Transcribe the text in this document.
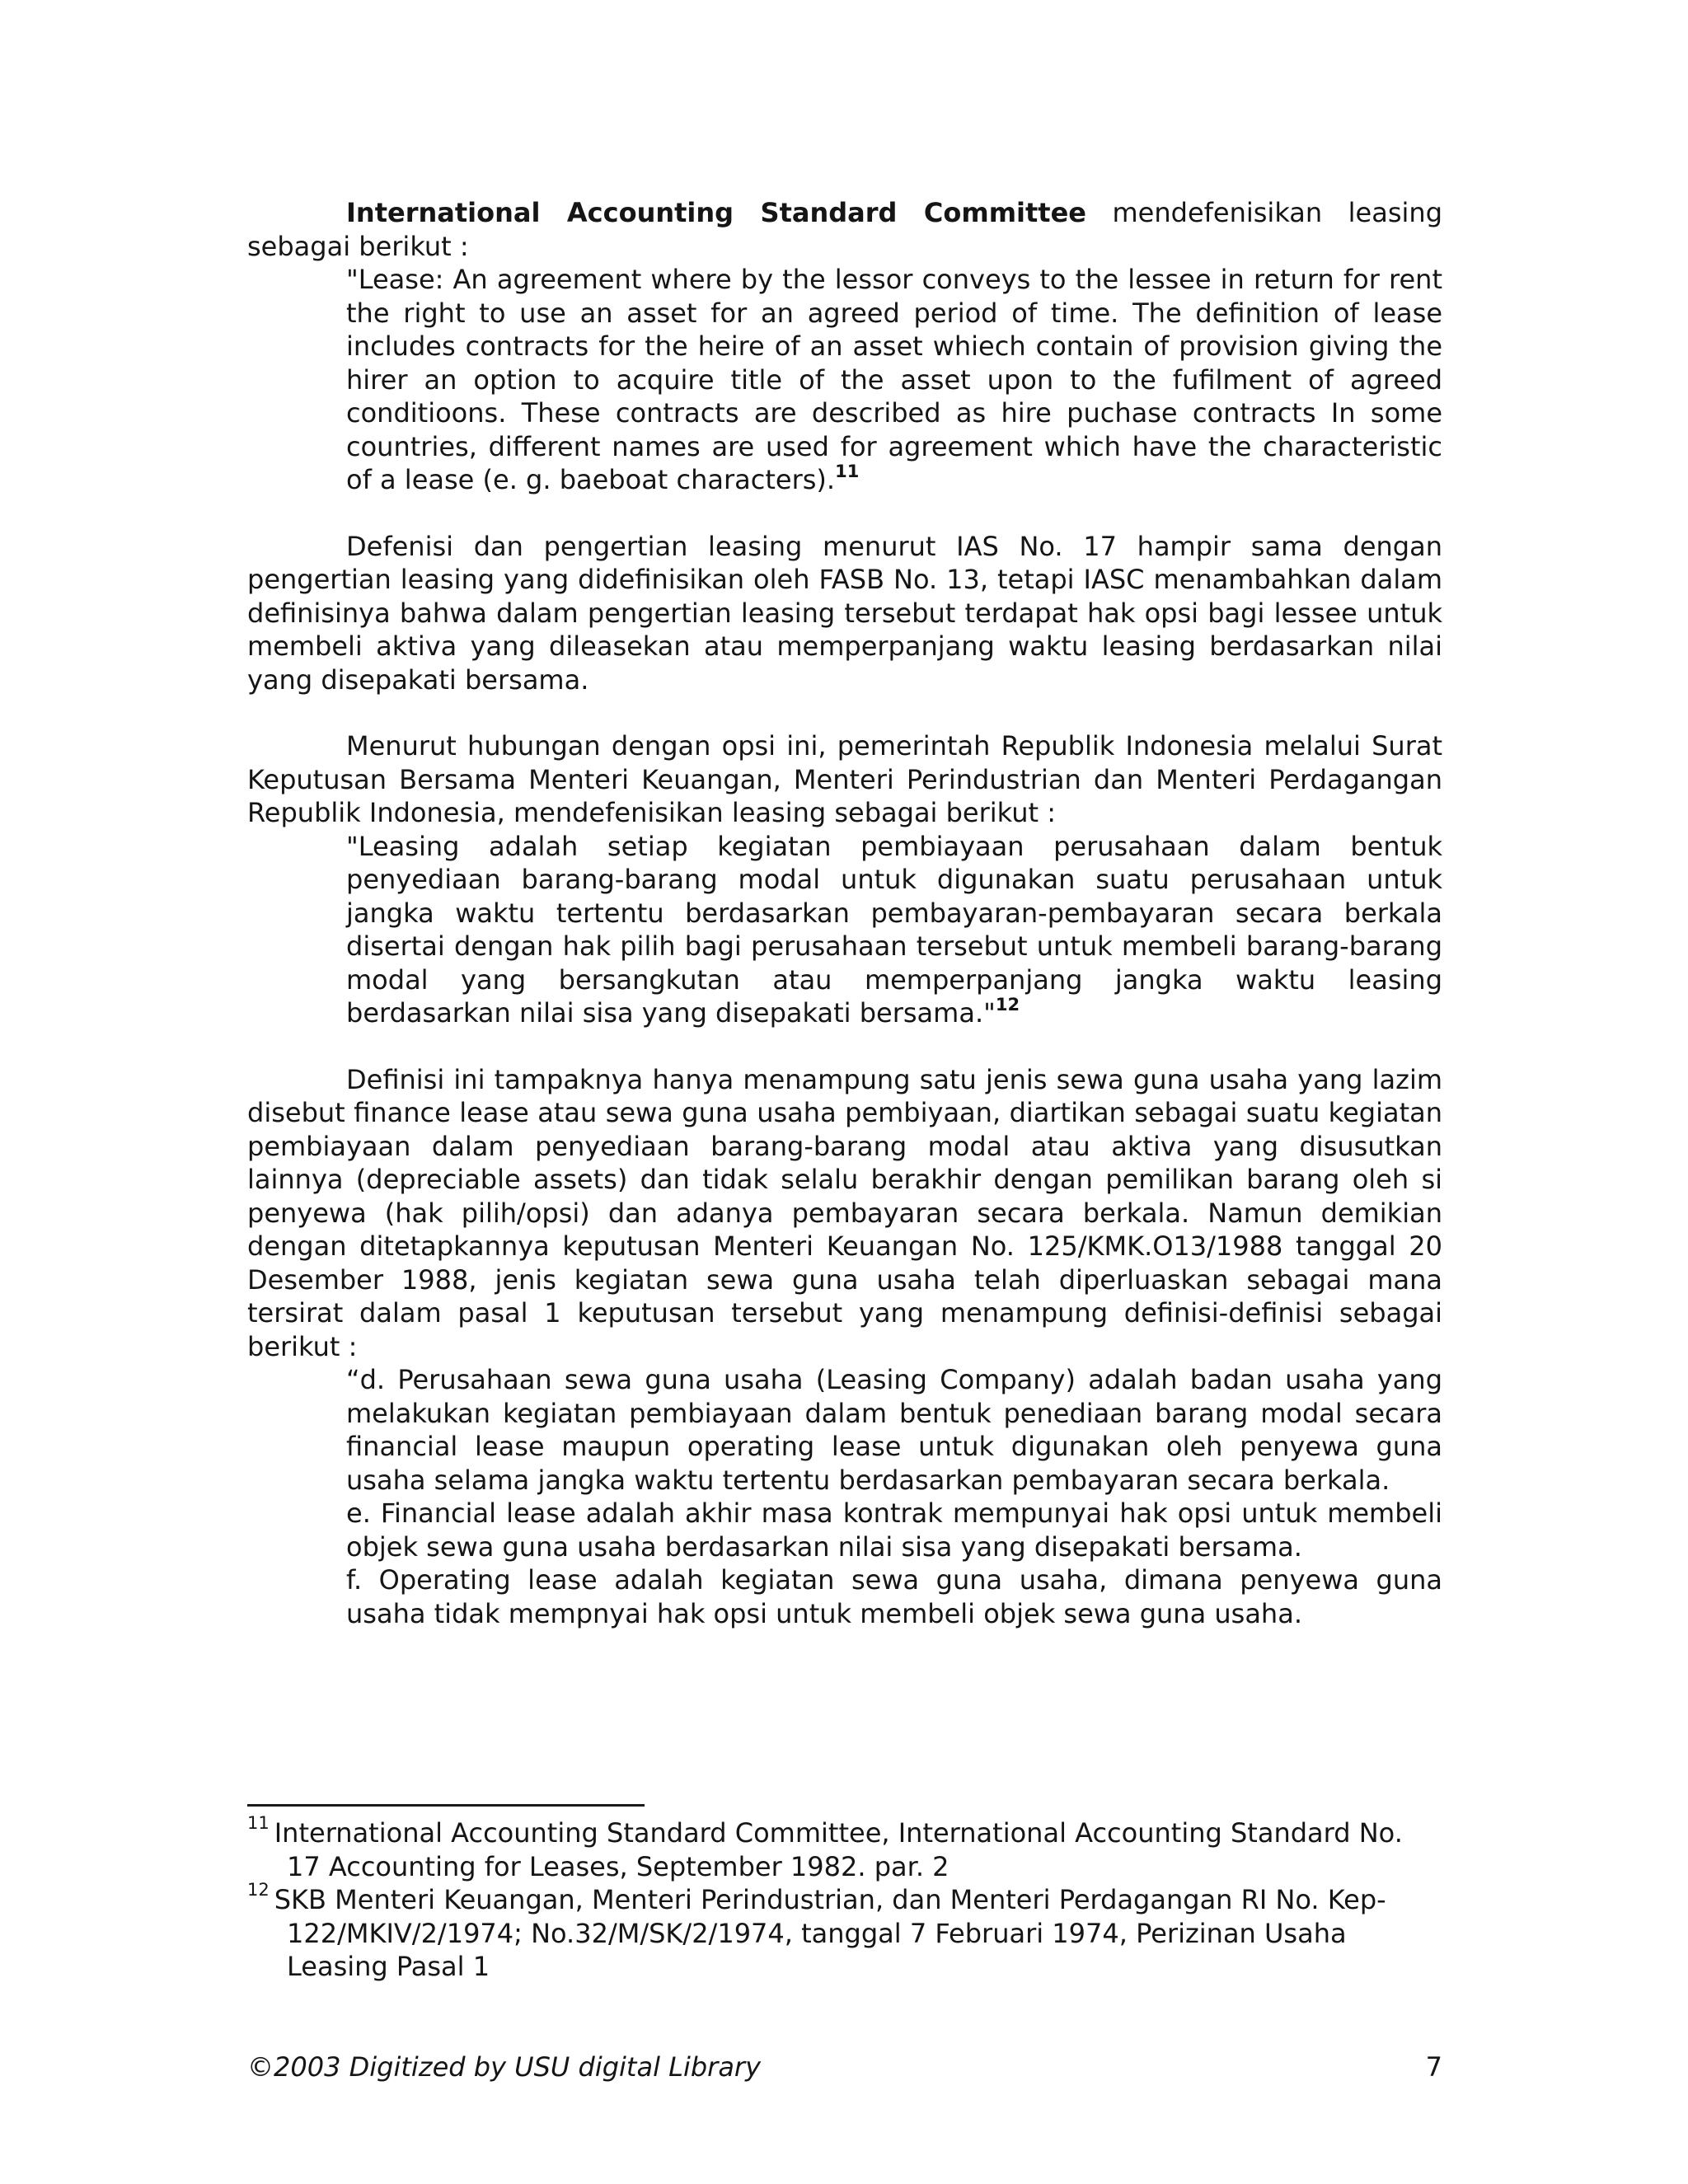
International Accounting Standard Committee mendefenisikan leasing sebagai berikut :

"Lease: An agreement where by the lessor conveys to the lessee in return for rent the right to use an asset for an agreed period of time. The definition of lease includes contracts for the heire of an asset whiech contain of provision giving the hirer an option to acquire title of the asset upon to the fufilment of agreed conditioons. These contracts are described as hire puchase contracts In some countries, different names are used for agreement which have the characteristic of a lease (e. g. baeboat characters).$^{11}$

Defenisi dan pengertian leasing menurut IAS No. 17 hampir sama dengan pengertian leasing yang didefinisikan oleh FASB No. 13, tetapi IASC menambahkan dalam definisinya bahwa dalam pengertian leasing tersebut terdapat hak opsi bagi lessee untuk membeli aktiva yang dileasekan atau memperpanjang waktu leasing berdasarkan nilai yang disepakati bersama.

Menurut hubungan dengan opsi ini, pemerintah Republik Indonesia melalui Surat Keputusan Bersama Menteri Keuangan, Menteri Perindustrian dan Menteri Perdagangan Republik Indonesia, mendefenisikan leasing sebagai berikut :

"Leasing adalah setiap kegiatan pembiayaan perusahaan dalam bentuk penyediaan barang-barang modal untuk digunakan suatu perusahaan untuk jangka waktu tertentu berdasarkan pembayaran-pembayaran secara berkala disertai dengan hak pilih bagi perusahaan tersebut untuk membeli barang-barang modal yang bersangkutan atau memperpanjang jangka waktu leasing berdasarkan nilai sisa yang disepakati bersama."$^{12}$

Definisi ini tampaknya hanya menampung satu jenis sewa guna usaha yang lazim disebut finance lease atau sewa guna usaha pembiyaan, diartikan sebagai suatu kegiatan pembiayaan dalam penyediaan barang-barang modal atau aktiva yang disusutkan lainnya (depreciable assets) dan tidak selalu berakhir dengan pemilikan barang oleh si penyewa (hak pilih/opsi) dan adanya pembayaran secara berkala. Namun demikian dengan ditetapkannya keputusan Menteri Keuangan No. 125/KMK.O13/1988 tanggal 20 Desember 1988, jenis kegiatan sewa guna usaha telah diperluaskan sebagai mana tersirat dalam pasal 1 keputusan tersebut yang menampung definisi-definisi sebagai berikut :

“d. Perusahaan sewa guna usaha (Leasing Company) adalah badan usaha yang melakukan kegiatan pembiayaan dalam bentuk penediaan barang modal secara financial lease maupun operating lease untuk digunakan oleh penyewa guna usaha selama jangka waktu tertentu berdasarkan pembayaran secara berkala.

e. Financial lease adalah akhir masa kontrak mempunyai hak opsi untuk membeli objek sewa guna usaha berdasarkan nilai sisa yang disepakati bersama.

f. Operating lease adalah kegiatan sewa guna usaha, dimana penyewa guna usaha tidak mempnyai hak opsi untuk membeli objek sewa guna usaha.

$^{11}$ International Accounting Standard Committee, International Accounting Standard No. 17 Accounting for Leases, September 1982. par. 2

$^{12}$ SKB Menteri Keuangan, Menteri Perindustrian, dan Menteri Perdagangan RI No. Kep-122/MKIV/2/1974; No.32/M/SK/2/1974, tanggal 7 Februari 1974, Perizinan Usaha Leasing Pasal 1

©2003 Digitized by USU digital Library	7
